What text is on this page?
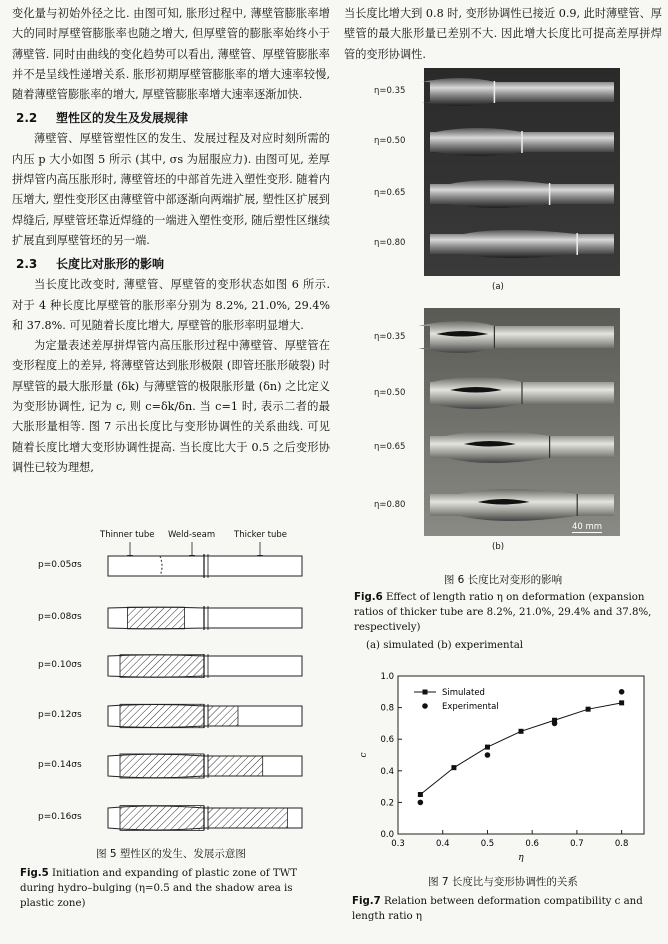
变化量与初始外径之比. 由图可知, 胀形过程中, 薄壁管膨胀率增大的同时厚壁管膨胀率也随之增大, 但厚壁管的膨胀率始终小于薄壁管. 同时由曲线的变化趋势可以看出, 薄壁管、厚壁管膨胀率并不是呈线性递增关系. 胀形初期厚壁管膨胀率的增大速率较慢, 随着薄壁管膨胀率的增大, 厚壁管膨胀率增大速率逐渐加快.

2.2 塑性区的发生及发展规律

薄壁管、厚壁管塑性区的发生、发展过程及对应时刻所需的内压 p 大小如图 5 所示 (其中, σs 为屈服应力). 由图可见, 差厚拼焊管内高压胀形时, 薄壁管坯的中部首先进入塑性变形. 随着内压增大, 塑性变形区由薄壁管中部逐渐向两端扩展, 塑性区扩展到焊缝后, 厚壁管坯靠近焊缝的一端进入塑性变形, 随后塑性区继续扩展直到厚壁管坯的另一端.

2.3 长度比对胀形的影响

当长度比改变时, 薄壁管、厚壁管的变形状态如图 6 所示. 对于 4 种长度比厚壁管的胀形率分别为 8.2%, 21.0%, 29.4% 和 37.8%. 可见随着长度比增大, 厚壁管的胀形率明显增大.

为定量表述差厚拼焊管内高压胀形过程中薄壁管、厚壁管在变形程度上的差异, 将薄壁管达到胀形极限 (即管坯胀形破裂) 时厚壁管的最大胀形量 (δk) 与薄壁管的极限胀形量 (δn) 之比定义为变形协调性, 记为 c, 则 c=δk/δn. 当 c=1 时, 表示二者的最大胀形量相等. 图 7 示出长度比与变形协调性的关系曲线. 可见随着长度比增大变形协调性提高. 当长度比大于 0.5 之后变形协调性已较为理想,

Thinner tube Weld-seam Thicker tube
p=0.05σs
p=0.08σs
p=0.10σs
p=0.12σs
p=0.14σs
p=0.16σs
图 5 塑性区的发生、发展示意图

Fig.5 Initiation and expanding of plastic zone of TWT during hydro–bulging (η=0.5 and the shadow area is plastic zone)

当长度比增大到 0.8 时, 变形协调性已接近 0.9, 此时薄壁管、厚壁管的最大胀形量已差别不大. 因此增大长度比可提高差厚拼焊管的变形协调性.

η=0.35
η=0.50
η=0.65
η=0.80
(a)
η=0.35
η=0.50
η=0.65
η=0.80
40 mm
(b)
图 6 长度比对变形的影响

Fig.6 Effect of length ratio η on deformation (expansion ratios of thicker tube are 8.2%, 21.0%, 29.4% and 37.8%, respectively)

(a) simulated (b) experimental
0.3	0.4	0.5	0.6	0.7	0.8
0.0
0.2
0.4
0.6
0.8
1.0
η
c
Simulated
Experimental
图 7 长度比与变形协调性的关系

Fig.7 Relation between deformation compatibility c and length ratio η
